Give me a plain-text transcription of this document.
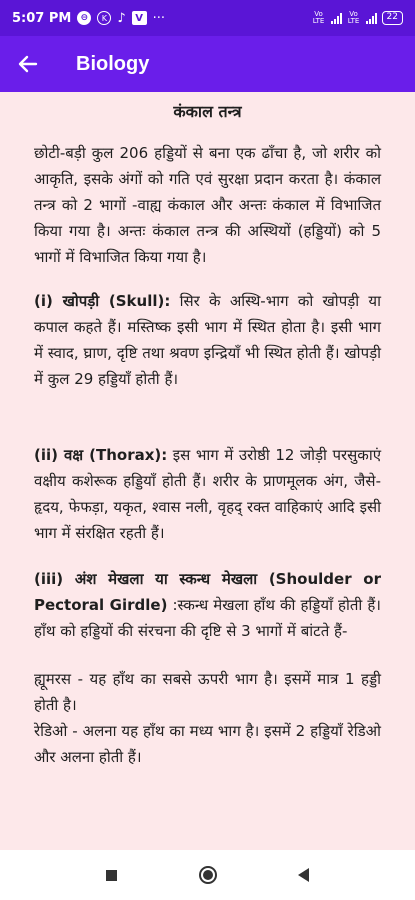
5:07 PM	⊖	K ♪ V ···	Vo LTE
Vo LTE	22
Biology
कंकाल तन्त्र

छोटी-बड़ी कुल 206 हड्डियों से बना एक ढाँचा है, जो शरीर को आकृति, इसके अंगों को गति एवं सुरक्षा प्रदान करता है। कंकाल तन्त्र को 2 भागों -वाह्य कंकाल और अन्तः कंकाल में विभाजित किया गया है। अन्तः कंकाल तन्त्र की अस्थियों (हड्डियों) को 5 भागों में विभाजित किया गया है।

(i) खोपड़ी (Skull): सिर के अस्थि-भाग को खोपड़ी या कपाल कहते हैं। मस्तिष्क इसी भाग में स्थित होता है। इसी भाग में स्वाद, घ्राण, दृष्टि तथा श्रवण इन्द्रियाँ भी स्थित होती हैं। खोपड़ी में कुल 29 हड्डियाँ होती हैं।

(ii) वक्ष (Thorax): इस भाग में उरोष्ठी 12 जोड़ी परसुकाएं वक्षीय कशेरूक हड्डियाँ होती हैं। शरीर के प्राणमूलक अंग, जैसे- हृदय, फेफड़ा, यकृत, श्वास नली, वृहद् रक्त वाहिकाएं आदि इसी भाग में संरक्षित रहती हैं।

(iii) अंश मेखला या स्कन्ध मेखला (Shoulder or Pectoral Girdle) :स्कन्ध मेखला हाँथ की हड्डियाँ होती हैं। हाँथ को हड्डियों की संरचना की दृष्टि से 3 भागों में बांटते हैं-

ह्यूमरस - यह हाँथ का सबसे ऊपरी भाग है। इसमें मात्र 1 हड्डी होती है।

रेडिओ - अलना यह हाँथ का मध्य भाग है। इसमें 2 हड्डियाँ रेडिओ और अलना होती हैं।
